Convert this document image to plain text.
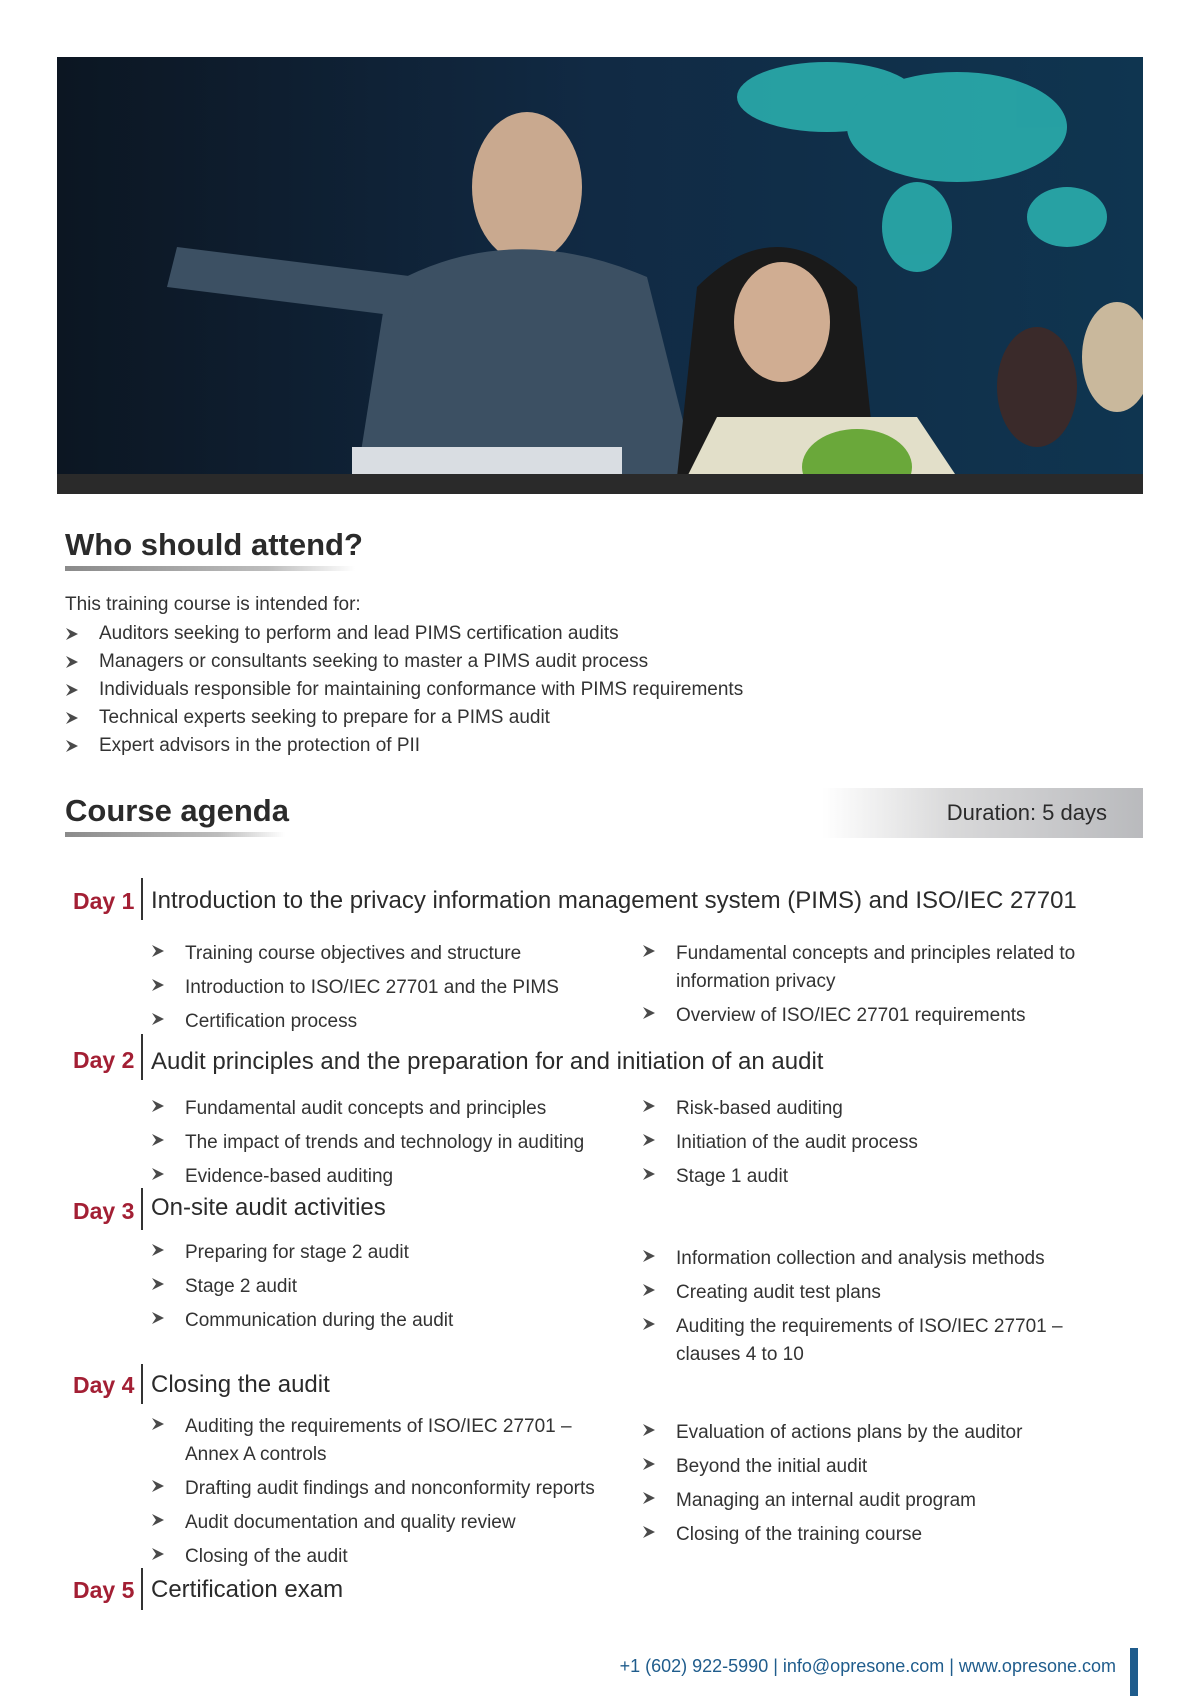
Who should attend?
This training course is intended for:
Auditors seeking to perform and lead PIMS certification audits
Managers or consultants seeking to master a PIMS audit process
Individuals responsible for maintaining conformance with PIMS requirements
Technical experts seeking to prepare for a PIMS audit
Expert advisors in the protection of PII
Course agenda	Duration: 5 days
Day 1 Introduction to the privacy information management system (PIMS) and ISO/IEC 27701
Training course objectives and structure
Introduction to ISO/IEC 27701 and the PIMS
Certification process
Fundamental concepts and principles related to information privacy
Overview of ISO/IEC 27701 requirements
Day 2 Audit principles and the preparation for and initiation of an audit
Fundamental audit concepts and principles
The impact of trends and technology in auditing
Evidence-based auditing
Risk-based auditing
Initiation of the audit process
Stage 1 audit
Day 3 On-site audit activities
Preparing for stage 2 audit
Stage 2 audit
Communication during the audit
Information collection and analysis methods
Creating audit test plans
Auditing the requirements of ISO/IEC 27701 – clauses 4 to 10
Day 4 Closing the audit
Auditing the requirements of ISO/IEC 27701 – Annex A controls
Drafting audit findings and nonconformity reports
Audit documentation and quality review
Closing of the audit
Evaluation of actions plans by the auditor
Beyond the initial audit
Managing an internal audit program
Closing of the training course
Day 5 Certification exam
+1 (602) 922-5990 | info@opresone.com | www.opresone.com
